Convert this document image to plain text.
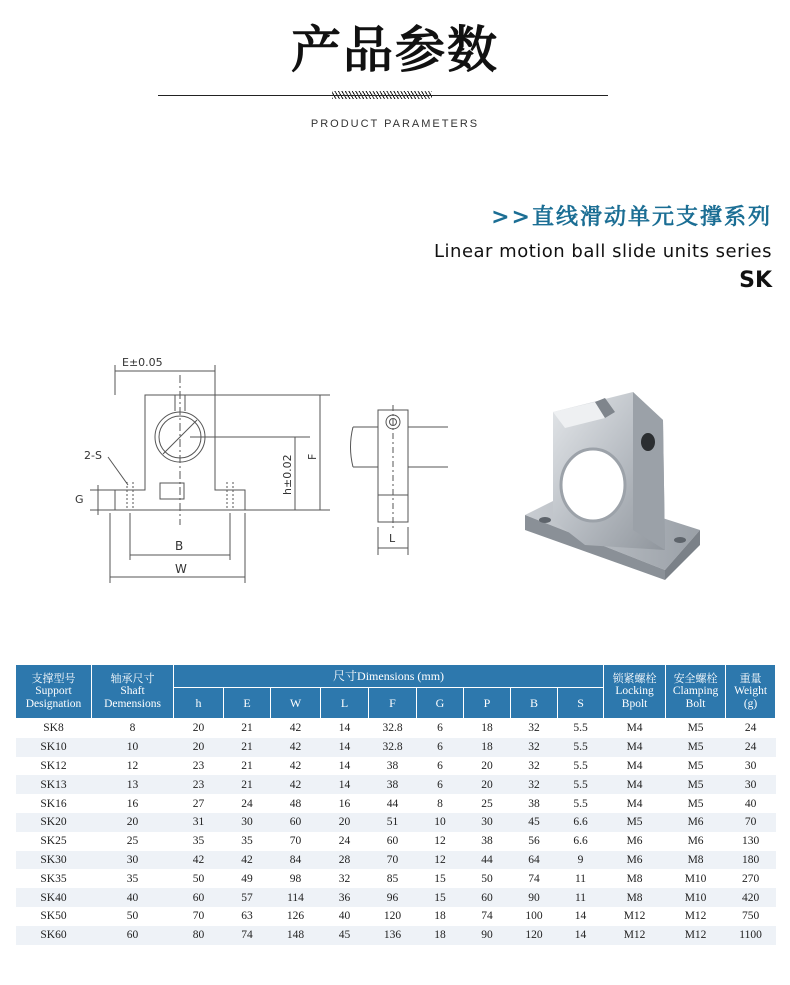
产品参数
PRODUCT PARAMETERS
>>直线滑动单元支撑系列
Linear motion ball slide units series
SK
E±0.05
2-S
G
B
W
h±0.02 F
L
支撑型号
Support
Designation	轴承尺寸
Shaft
Demensions	尺寸Dimensions (mm)									锁紧螺栓
Locking
Bpolt	安全螺栓
Clamping
Bolt	重量
Weight
(g)

		h	E	W	L	F	G	P	B	S			
SK8	8	20	21	42	14	32.8	6	18	32	5.5	M4	M5	24
SK10	10	20	21	42	14	32.8	6	18	32	5.5	M4	M5	24
SK12	12	23	21	42	14	38	6	20	32	5.5	M4	M5	30
SK13	13	23	21	42	14	38	6	20	32	5.5	M4	M5	30
SK16	16	27	24	48	16	44	8	25	38	5.5	M4	M5	40
SK20	20	31	30	60	20	51	10	30	45	6.6	M5	M6	70
SK25	25	35	35	70	24	60	12	38	56	6.6	M6	M6	130
SK30	30	42	42	84	28	70	12	44	64	9	M6	M8	180
SK35	35	50	49	98	32	85	15	50	74	11	M8	M10	270
SK40	40	60	57	114	36	96	15	60	90	11	M8	M10	420
SK50	50	70	63	126	40	120	18	74	100	14	M12	M12	750
SK60	60	80	74	148	45	136	18	90	120	14	M12	M12	1100
